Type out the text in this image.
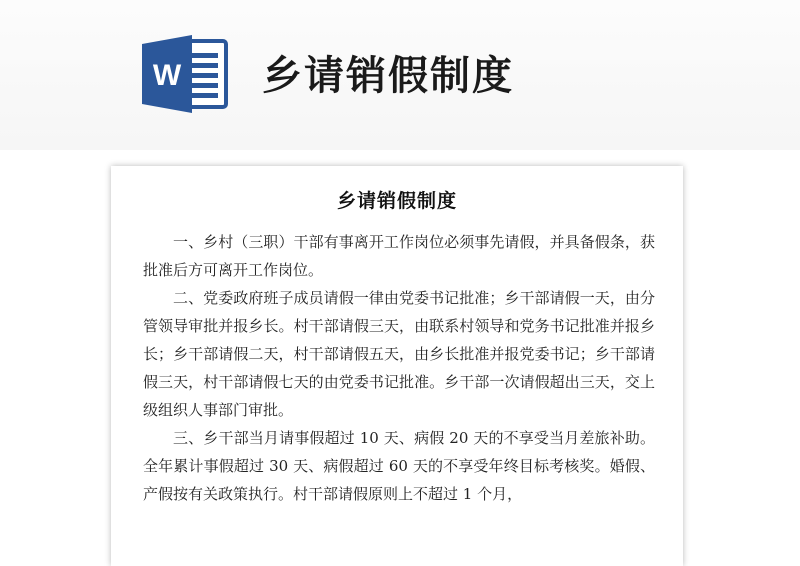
W 乡请销假制度
乡请销假制度

一、乡村（三职）干部有事离开工作岗位必须事先请假，并具备假条，获批准后方可离开工作岗位。

二、党委政府班子成员请假一律由党委书记批准；乡干部请假一天，由分管领导审批并报乡长。村干部请假三天，由联系村领导和党务书记批准并报乡长；乡干部请假二天，村干部请假五天，由乡长批准并报党委书记；乡干部请假三天，村干部请假七天的由党委书记批准。乡干部一次请假超出三天，交上级组织人事部门审批。

三、乡干部当月请事假超过 10 天、病假 20 天的不享受当月差旅补助。全年累计事假超过 30 天、病假超过 60 天的不享受年终目标考核奖。婚假、产假按有关政策执行。村干部请假原则上不超过 1 个月，
